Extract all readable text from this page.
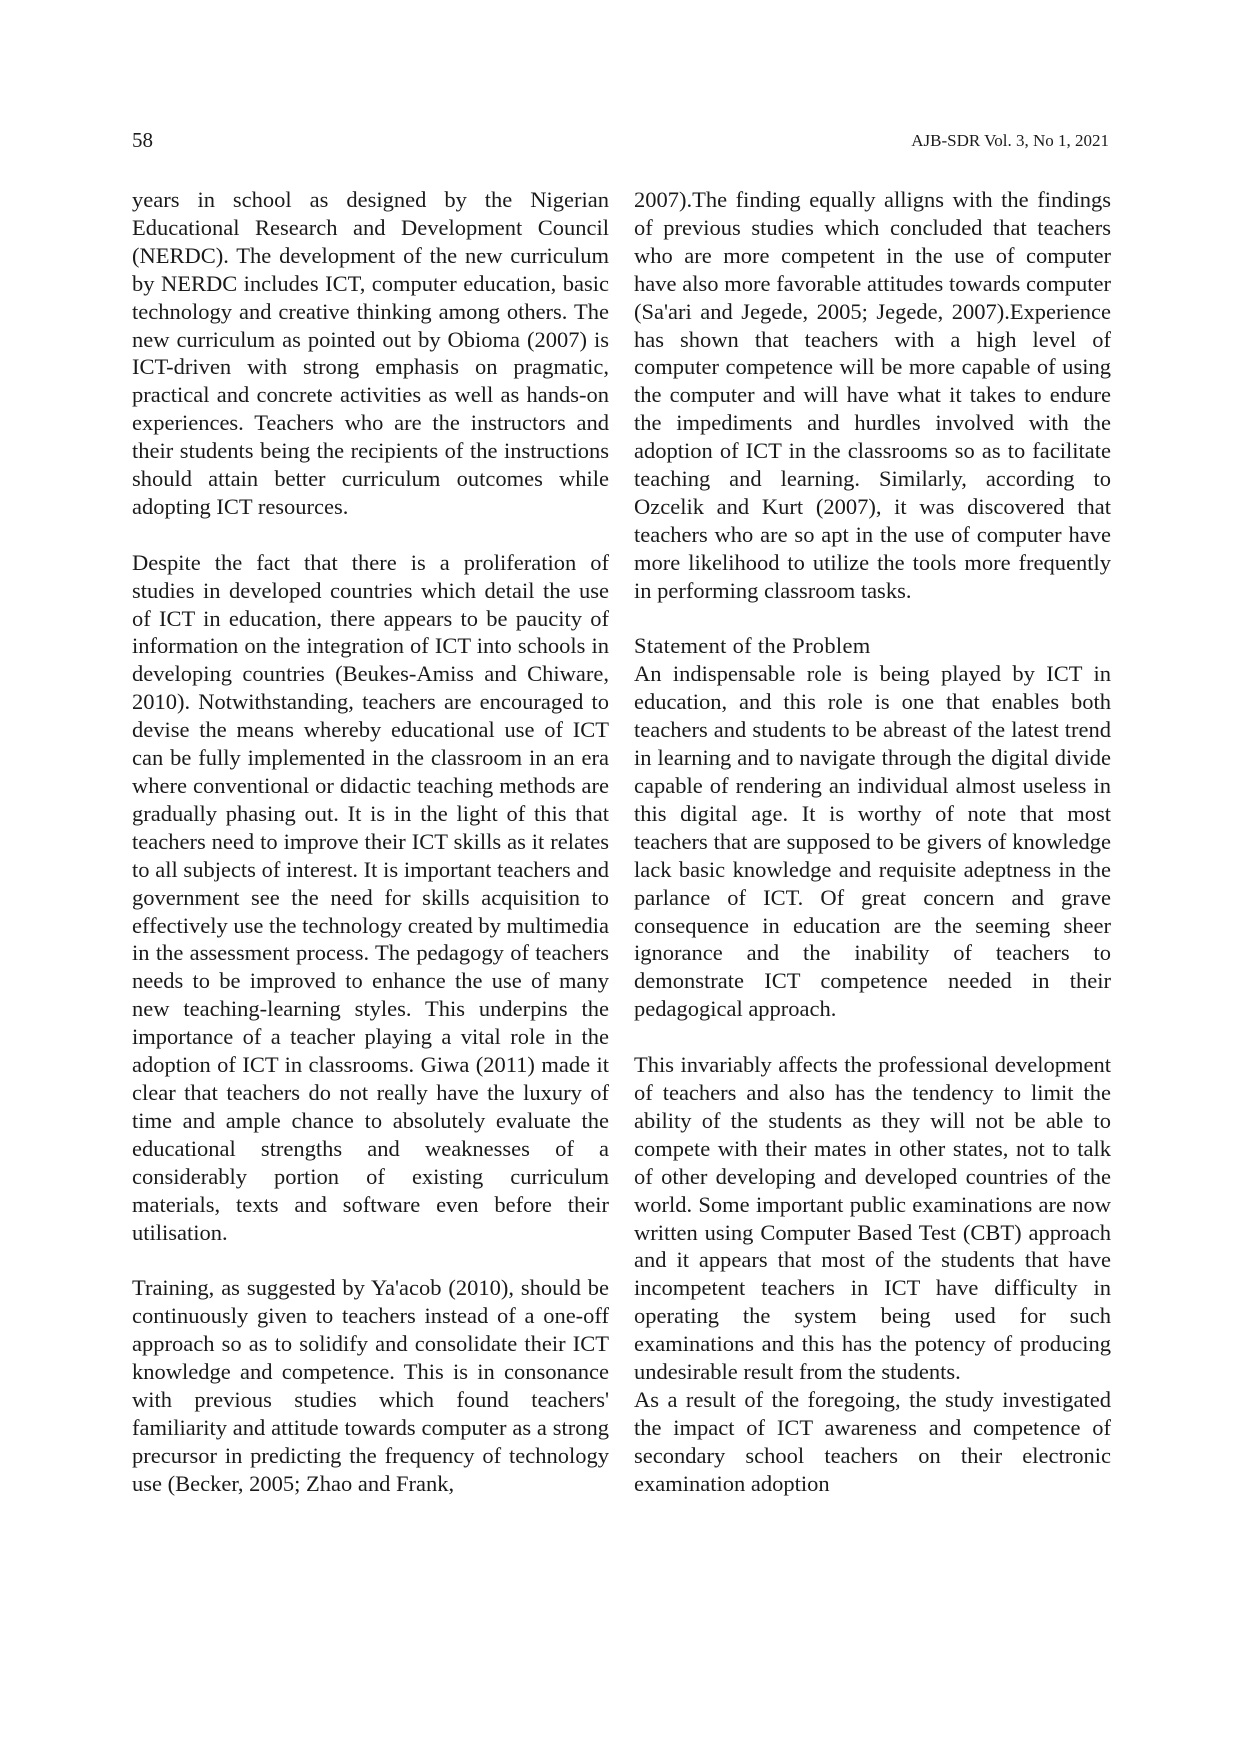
58	AJB-SDR Vol. 3, No 1, 2021

years in school as designed by the Nigerian Educational Research and Development Council (NERDC). The development of the new curriculum by NERDC includes ICT, computer education, basic technology and creative thinking among others. The new curriculum as pointed out by Obioma (2007) is ICT-driven with strong emphasis on pragmatic, practical and concrete activities as well as hands-on experiences. Teachers who are the instructors and their students being the recipients of the instructions should attain better curriculum outcomes while adopting ICT resources.

Despite the fact that there is a proliferation of studies in developed countries which detail the use of ICT in education, there appears to be paucity of information on the integration of ICT into schools in developing countries (Beukes-Amiss and Chiware, 2010). Notwithstanding, teachers are encouraged to devise the means whereby educational use of ICT can be fully implemented in the classroom in an era where conventional or didactic teaching methods are gradually phasing out. It is in the light of this that teachers need to improve their ICT skills as it relates to all subjects of interest. It is important teachers and government see the need for skills acquisition to effectively use the technology created by multimedia in the assessment process. The pedagogy of teachers needs to be improved to enhance the use of many new teaching-learning styles. This underpins the importance of a teacher playing a vital role in the adoption of ICT in classrooms. Giwa (2011) made it clear that teachers do not really have the luxury of time and ample chance to absolutely evaluate the educational strengths and weaknesses of a considerably portion of existing curriculum materials, texts and software even before their utilisation.

Training, as suggested by Ya'acob (2010), should be continuously given to teachers instead of a one-off approach so as to solidify and consolidate their ICT knowledge and competence. This is in consonance with previous studies which found teachers' familiarity and attitude towards computer as a strong precursor in predicting the frequency of technology use (Becker, 2005; Zhao and Frank,

2007).The finding equally alligns with the findings of previous studies which concluded that teachers who are more competent in the use of computer have also more favorable attitudes towards computer (Sa'ari and Jegede, 2005; Jegede, 2007).Experience has shown that teachers with a high level of computer competence will be more capable of using the computer and will have what it takes to endure the impediments and hurdles involved with the adoption of ICT in the classrooms so as to facilitate teaching and learning. Similarly, according to Ozcelik and Kurt (2007), it was discovered that teachers who are so apt in the use of computer have more likelihood to utilize the tools more frequently in performing classroom tasks.

Statement of the Problem

An indispensable role is being played by ICT in education, and this role is one that enables both teachers and students to be abreast of the latest trend in learning and to navigate through the digital divide capable of rendering an individual almost useless in this digital age. It is worthy of note that most teachers that are supposed to be givers of knowledge lack basic knowledge and requisite adeptness in the parlance of ICT. Of great concern and grave consequence in education are the seeming sheer ignorance and the inability of teachers to demonstrate ICT competence needed in their pedagogical approach.

This invariably affects the professional development of teachers and also has the tendency to limit the ability of the students as they will not be able to compete with their mates in other states, not to talk of other developing and developed countries of the world. Some important public examinations are now written using Computer Based Test (CBT) approach and it appears that most of the students that have incompetent teachers in ICT have difficulty in operating the system being used for such examinations and this has the potency of producing undesirable result from the students.

As a result of the foregoing, the study investigated the impact of ICT awareness and competence of secondary school teachers on their electronic examination adoption
